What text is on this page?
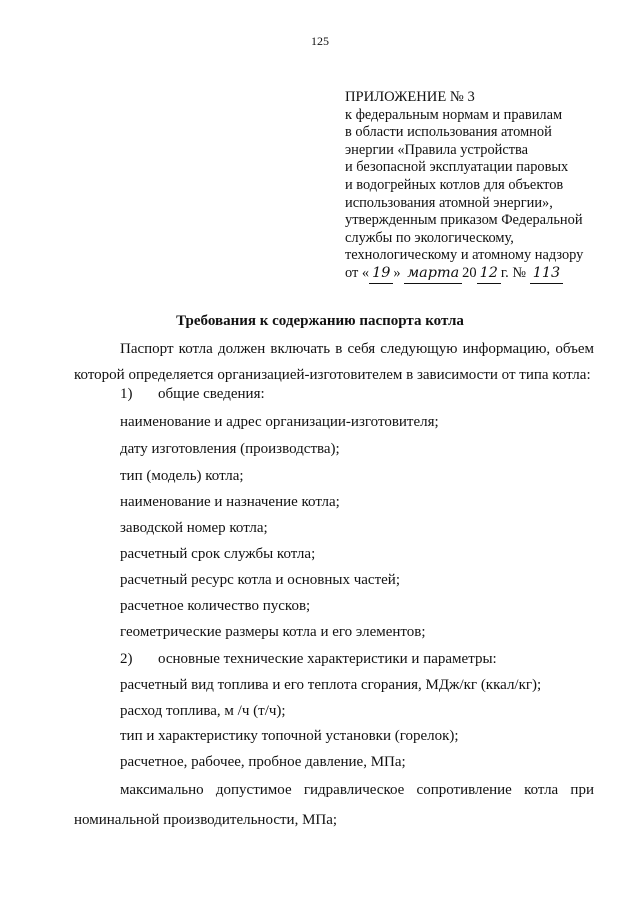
125
ПРИЛОЖЕНИЕ № 3
к федеральным нормам и правилам
в области использования атомной
энергии «Правила устройства
и безопасной эксплуатации паровых
и водогрейных котлов для объектов
использования атомной энергии»,
утвержденным приказом Федеральной
службы по экологическому,
технологическому и атомному надзору
от « 19 » марта 20 12 г. № 113
Требования к содержанию паспорта котла
Паспорт котла должен включать в себя следующую информацию, объем которой определяется организацией-изготовителем в зависимости от типа котла:
1) общие сведения:
наименование и адрес организации-изготовителя;
дату изготовления (производства);
тип (модель) котла;
наименование и назначение котла;
заводской номер котла;
расчетный срок службы котла;
расчетный ресурс котла и основных частей;
расчетное количество пусков;
геометрические размеры котла и его элементов;
2) основные технические характеристики и параметры:
расчетный вид топлива и его теплота сгорания, МДж/кг (ккал/кг);
расход топлива, м /ч (т/ч);
тип и характеристику топочной установки (горелок);
расчетное, рабочее, пробное давление, МПа;
максимально допустимое гидравлическое сопротивление котла при номинальной производительности, МПа;
